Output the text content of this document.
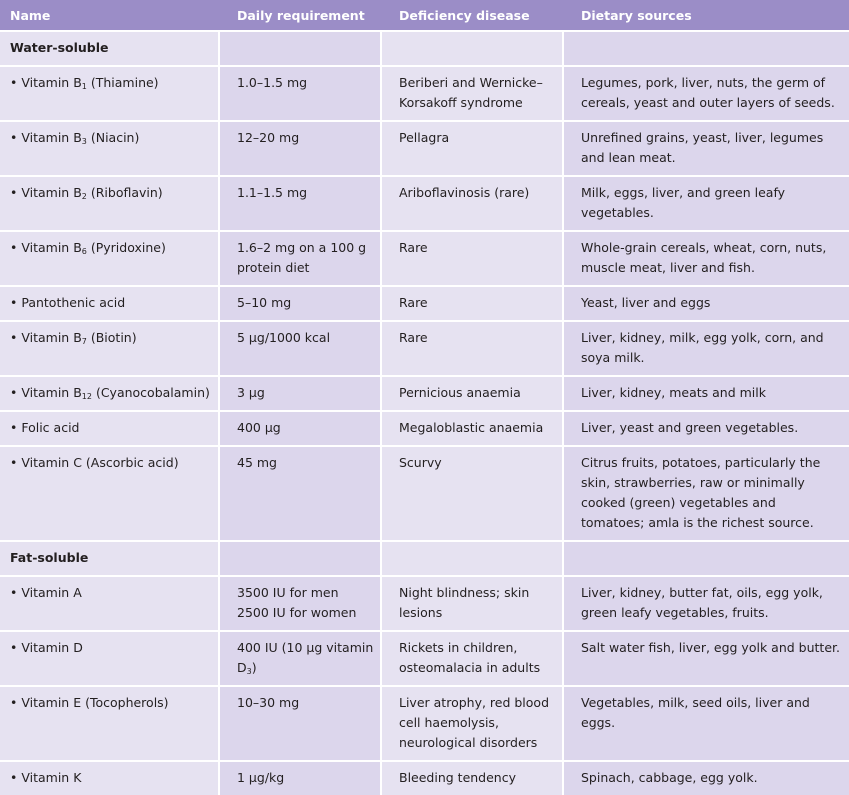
Name	Daily requirement	Deficiency disease	Dietary sources
Water-soluble			
• Vitamin $B_1$ (Thiamine)	1.0–1.5 mg	Beriberi and Wernicke–Korsakoff syndrome	Legumes, pork, liver, nuts, the germ of cereals, yeast and outer layers of seeds.
• Vitamin $B_3$ (Niacin)	12–20 mg	Pellagra	Unrefined grains, yeast, liver, legumes and lean meat.
• Vitamin $B_2$ (Riboflavin)	1.1–1.5 mg	Ariboflavinosis (rare)	Milk, eggs, liver, and green leafy vegetables.
• Vitamin $B_6$ (Pyridoxine)	1.6–2 mg on a 100 g protein diet	Rare	Whole-grain cereals, wheat, corn, nuts, muscle meat, liver and fish.
• Pantothenic acid	5–10 mg	Rare	Yeast, liver and eggs
• Vitamin $B_7$ (Biotin)	5 µg/1000 kcal	Rare	Liver, kidney, milk, egg yolk, corn, and soya milk.
• Vitamin $B_{12}$ (Cyanocobalamin)	3 µg	Pernicious anaemia	Liver, kidney, meats and milk
• Folic acid	400 µg	Megaloblastic anaemia	Liver, yeast and green vegetables.
• Vitamin C (Ascorbic acid)	45 mg	Scurvy	Citrus fruits, potatoes, particularly the skin, strawberries, raw or minimally cooked (green) vegetables and tomatoes; amla is the richest source.
Fat-soluble			
• Vitamin A	3500 IU for men 2500 IU for women	Night blindness; skin lesions	Liver, kidney, butter fat, oils, egg yolk, green leafy vegetables, fruits.
• Vitamin D	400 IU (10 µg vitamin $D_3$)	Rickets in children, osteomalacia in adults	Salt water fish, liver, egg yolk and butter.
• Vitamin E (Tocopherols)	10–30 mg	Liver atrophy, red blood cell haemolysis, neurological disorders	Vegetables, milk, seed oils, liver and eggs.
• Vitamin K	1 µg/kg	Bleeding tendency	Spinach, cabbage, egg yolk.
